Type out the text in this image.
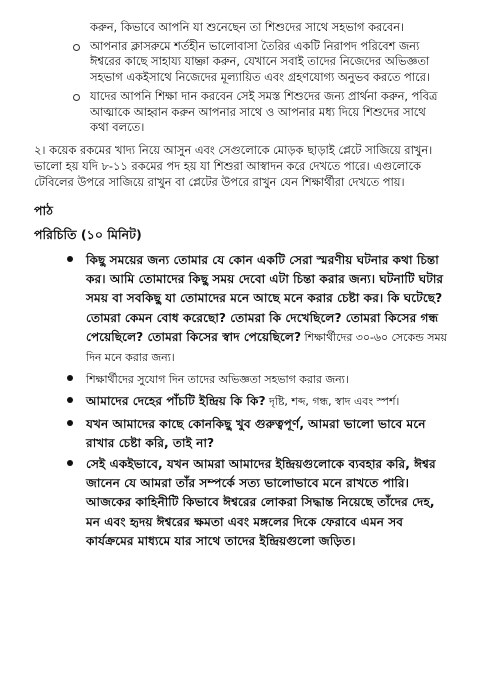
করুন, কিভাবে আপনি যা শুনেছেন তা শিশুদের সাথে সহভাগ করবেন।
আপনার ক্লাসরুমে শর্তহীন ভালোবাসা তৈরির একটি নিরাপদ পরিবেশ জন্য ঈশ্বরের কাছে সাহায্য যাচ্ঞা করুন, যেখানে সবাই তাদের নিজেদের অভিজ্ঞতা সহভাগ একইসাথে নিজেদের মূল্যায়িত এবং গ্রহণযোগ্য অনুভব করতে পারে।
যাদের আপনি শিক্ষা দান করবেন সেই সমস্ত শিশুদের জন্য প্রার্থনা করুন, পবিত্র আত্মাকে আহ্বান করুন আপনার সাথে ও আপনার মধ্য দিয়ে শিশুদের সাথে কথা বলতে।

২। কয়েক রকমের খাদ্য নিয়ে আসুন এবং সেগুলোকে মোড়ক ছাড়াই প্লেটে সাজিয়ে রাখুন। ভালো হয় যদি ৮-১১ রকমের পদ হয় যা শিশুরা আস্বাদন করে দেখতে পারে। এগুলোকে টেবিলের উপরে সাজিয়ে রাখুন বা প্লেটের উপরে রাখুন যেন শিক্ষার্থীরা দেখতে পায়।

পাঠ
পরিচিতি (১০ মিনিট)
কিছু সময়ের জন্য তোমার যে কোন একটি সেরা স্মরণীয় ঘটনার কথা চিন্তা কর। আমি তোমাদের কিছু সময় দেবো এটা চিন্তা করার জন্য। ঘটনাটি ঘটার সময় বা সবকিছু যা তোমাদের মনে আছে মনে করার চেষ্টা কর। কি ঘটেছে? তোমরা কেমন বোধ করেছো? তোমরা কি দেখেছিলে? তোমরা কিসের গন্ধ পেয়েছিলে? তোমরা কিসের স্বাদ পেয়েছিলে? শিক্ষার্থীদের ৩০-৬০ সেকেন্ড সময় দিন মনে করার জন্য।
শিক্ষার্থীদের সুযোগ দিন তাদের অভিজ্ঞতা সহভাগ করার জন্য।
আমাদের দেহের পাঁচটি ইন্দ্রিয় কি কি? দৃষ্টি, শব্দ, গন্ধ, স্বাদ এবং স্পর্শ।
যখন আমাদের কাছে কোনকিছু খুব গুরুত্বপূর্ণ, আমরা ভালো ভাবে মনে রাখার চেষ্টা করি, তাই না?
সেই একইভাবে, যখন আমরা আমাদের ইন্দ্রিয়গুলোকে ব্যবহার করি, ঈশ্বর জানেন যে আমরা তাঁর সম্পর্কে সত্য ভালোভাবে মনে রাখতে পারি। আজকের কাহিনীটি কিভাবে ঈশ্বরের লোকরা সিদ্ধান্ত নিয়েছে তাঁদের দেহ, মন এবং হৃদয় ঈশ্বরের ক্ষমতা এবং মঙ্গলের দিকে ফেরাবে এমন সব কার্যক্রমের মাধ্যমে যার সাথে তাদের ইন্দ্রিয়গুলো জড়িত।
